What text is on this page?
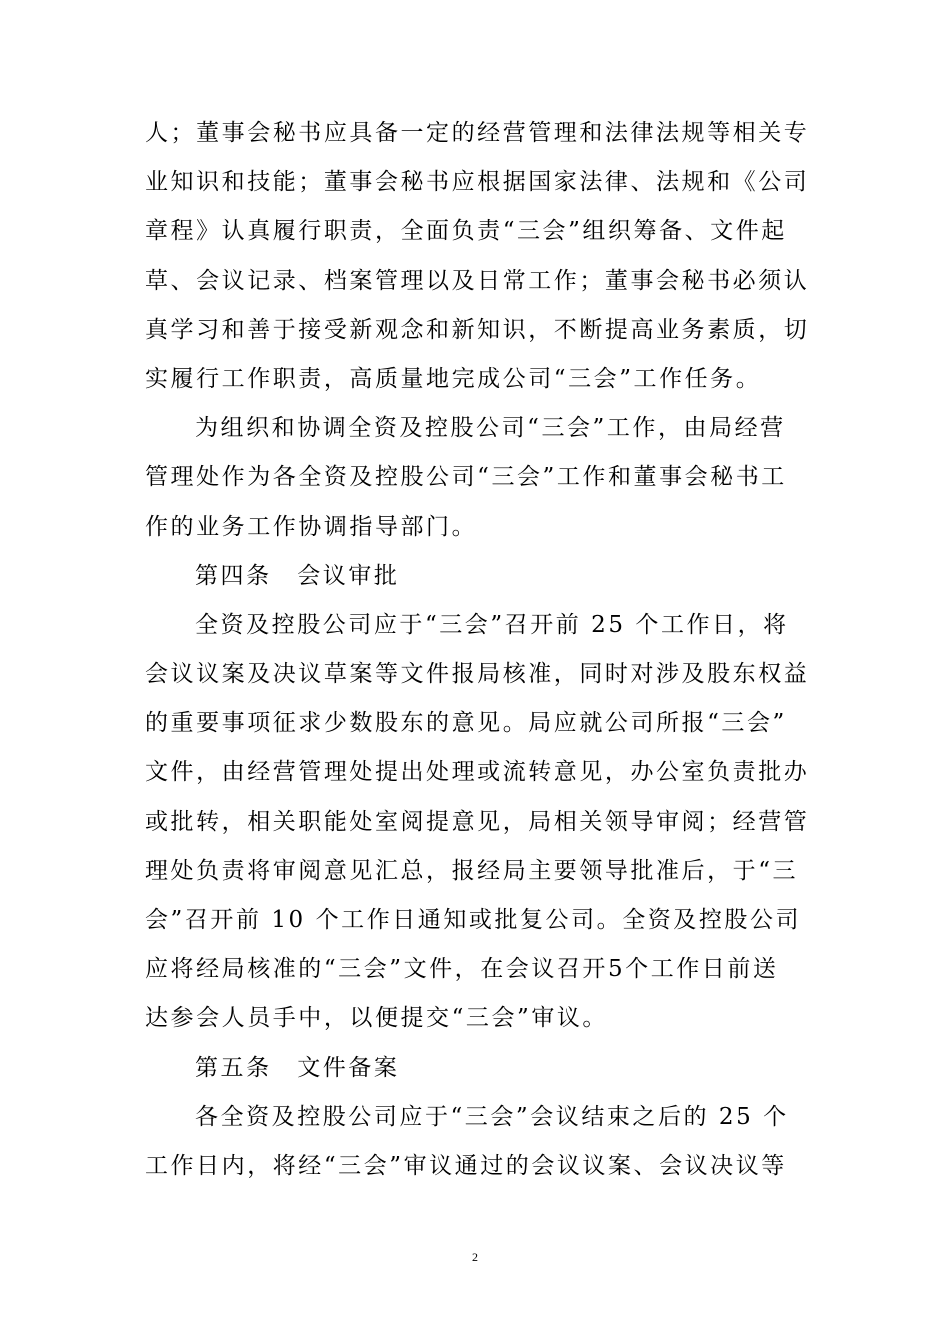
人；董事会秘书应具备一定的经营管理和法律法规等相关专
业知识和技能；董事会秘书应根据国家法律、法规和《公司
章程》认真履行职责，全面负责“三会”组织筹备、文件起
草、会议记录、档案管理以及日常工作；董事会秘书必须认
真学习和善于接受新观念和新知识，不断提高业务素质，切
实履行工作职责，高质量地完成公司“三会”工作任务。
为组织和协调全资及控股公司“三会”工作，由局经营
管理处作为各全资及控股公司“三会”工作和董事会秘书工
作的业务工作协调指导部门。
第四条　会议审批
全资及控股公司应于“三会”召开前 25 个工作日，将
会议议案及决议草案等文件报局核准，同时对涉及股东权益
的重要事项征求少数股东的意见。局应就公司所报“三会”
文件，由经营管理处提出处理或流转意见，办公室负责批办
或批转，相关职能处室阅提意见，局相关领导审阅；经营管
理处负责将审阅意见汇总，报经局主要领导批准后，于“三
会”召开前 10 个工作日通知或批复公司。全资及控股公司
应将经局核准的“三会”文件，在会议召开5个工作日前送
达参会人员手中，以便提交“三会”审议。
第五条　文件备案
各全资及控股公司应于“三会”会议结束之后的 25 个
工作日内，将经“三会”审议通过的会议议案、会议决议等
2
